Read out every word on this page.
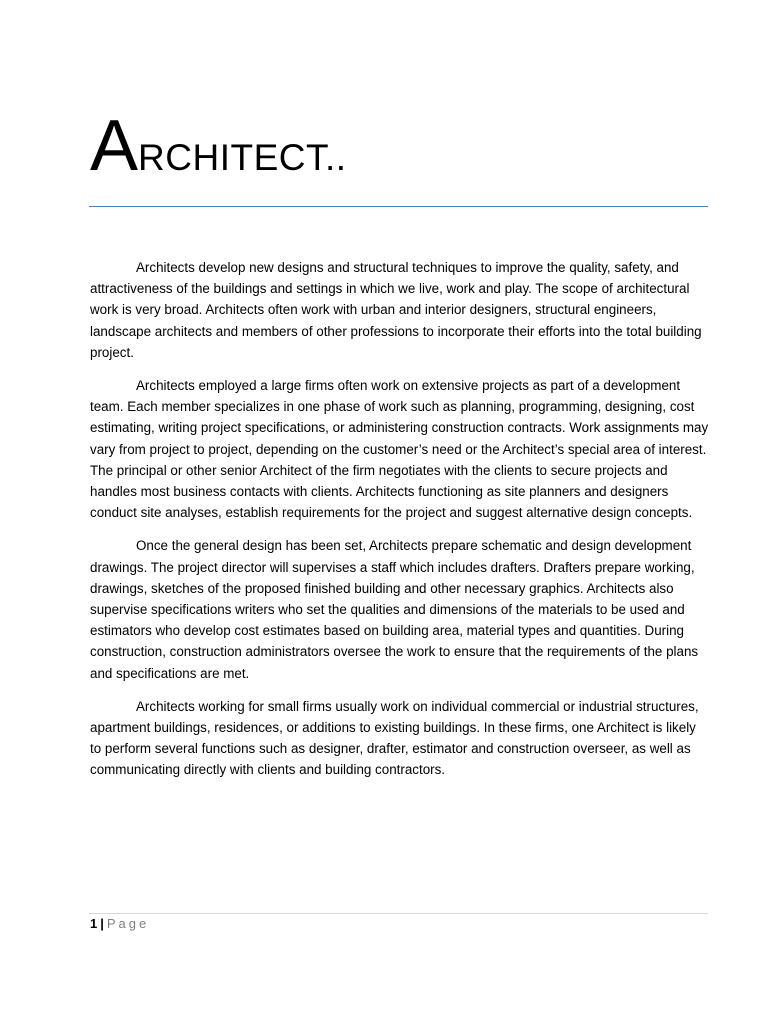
ARCHITECT..

Architects develop new designs and structural techniques to improve the quality, safety, and attractiveness of the buildings and settings in which we live, work and play. The scope of architectural work is very broad. Architects often work with urban and interior designers, structural engineers, landscape architects and members of other professions to incorporate their efforts into the total building project.

Architects employed a large firms often work on extensive projects as part of a development team. Each member specializes in one phase of work such as planning, programming, designing, cost estimating, writing project specifications, or administering construction contracts. Work assignments may vary from project to project, depending on the customer’s need or the Architect’s special area of interest. The principal or other senior Architect of the firm negotiates with the clients to secure projects and handles most business contacts with clients. Architects functioning as site planners and designers conduct site analyses, establish requirements for the project and suggest alternative design concepts.

Once the general design has been set, Architects prepare schematic and design development drawings. The project director will supervises a staff which includes drafters. Drafters prepare working, drawings, sketches of the proposed finished building and other necessary graphics. Architects also supervise specifications writers who set the qualities and dimensions of the materials to be used and estimators who develop cost estimates based on building area, material types and quantities. During construction, construction administrators oversee the work to ensure that the requirements of the plans and specifications are met.

Architects working for small firms usually work on individual commercial or industrial structures, apartment buildings, residences, or additions to existing buildings. In these firms, one Architect is likely to perform several functions such as designer, drafter, estimator and construction overseer, as well as communicating directly with clients and building contractors.

1 | Page
